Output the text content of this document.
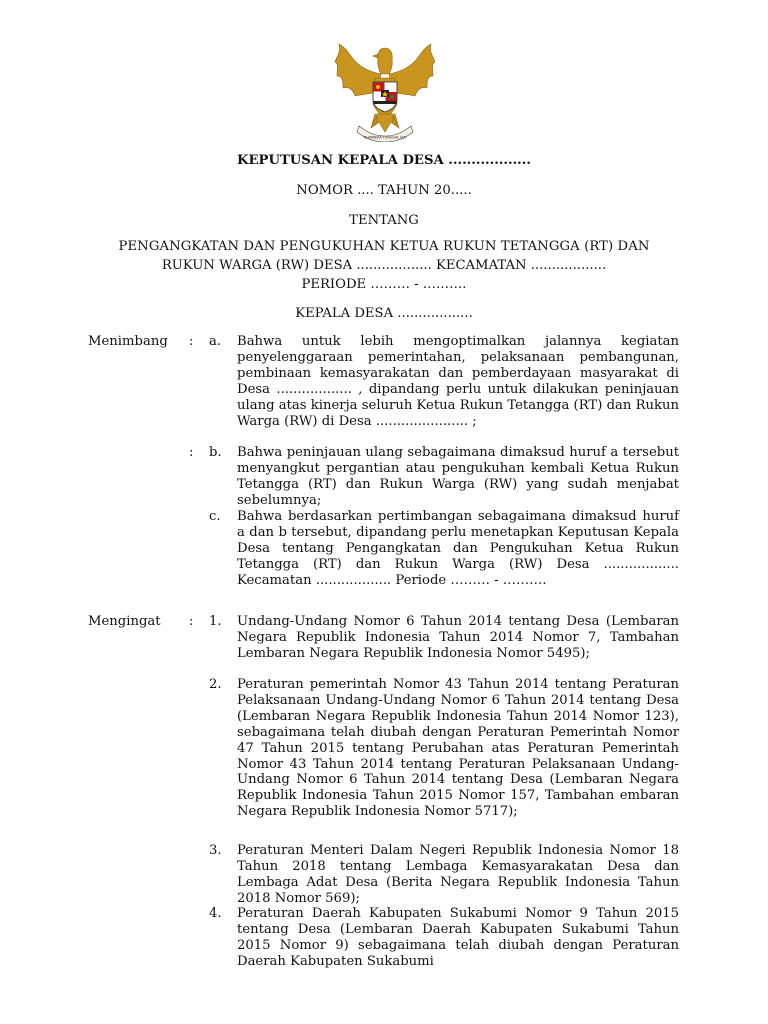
BHINNEKA TUNGGAL IKA
KEPUTUSAN KEPALA DESA ..................
NOMOR .... TAHUN 20.....
TENTANG
PENGANGKATAN DAN PENGUKUHAN KETUA RUKUN TETANGGA (RT) DAN
RUKUN WARGA (RW) DESA .................. KECAMATAN ..................
PERIODE ……… - ……….
KEPALA DESA ..................
Menimbang : a. Bahwa untuk lebih mengoptimalkan jalannya kegiatan penyelenggaraan pemerintahan, pelaksanaan pembangunan, pembinaan kemasyarakatan dan pemberdayaan masyarakat di Desa .................. , dipandang perlu untuk dilakukan peninjauan ulang atas kinerja seluruh Ketua Rukun Tetangga (RT) dan Rukun Warga (RW) di Desa ...................... ;
: b. Bahwa peninjauan ulang sebagaimana dimaksud huruf a tersebut menyangkut pergantian atau pengukuhan kembali Ketua Rukun Tetangga (RT) dan Rukun Warga (RW) yang sudah menjabat sebelumnya;
c. Bahwa berdasarkan pertimbangan sebagaimana dimaksud huruf a dan b tersebut, dipandang perlu menetapkan Keputusan Kepala Desa tentang Pengangkatan dan Pengukuhan Ketua Rukun Tetangga (RT) dan Rukun Warga (RW) Desa .................. Kecamatan .................. Periode ……… - ……….
Mengingat : 1. Undang-Undang Nomor 6 Tahun 2014 tentang Desa (Lembaran Negara Republik Indonesia Tahun 2014 Nomor 7, Tambahan Lembaran Negara Republik Indonesia Nomor 5495);
2. Peraturan pemerintah Nomor 43 Tahun 2014 tentang Peraturan Pelaksanaan Undang-Undang Nomor 6 Tahun 2014 tentang Desa (Lembaran Negara Republik Indonesia Tahun 2014 Nomor 123), sebagaimana telah diubah dengan Peraturan Pemerintah Nomor 47 Tahun 2015 tentang Perubahan atas Peraturan Pemerintah Nomor 43 Tahun 2014 tentang Peraturan Pelaksanaan Undang-Undang Nomor 6 Tahun 2014 tentang Desa (Lembaran Negara Republik Indonesia Tahun 2015 Nomor 157, Tambahan embaran Negara Republik Indonesia Nomor 5717);
3. Peraturan Menteri Dalam Negeri Republik Indonesia Nomor 18 Tahun 2018 tentang Lembaga Kemasyarakatan Desa dan Lembaga Adat Desa (Berita Negara Republik Indonesia Tahun 2018 Nomor 569);
4. Peraturan Daerah Kabupaten Sukabumi Nomor 9 Tahun 2015 tentang Desa (Lembaran Daerah Kabupaten Sukabumi Tahun 2015 Nomor 9) sebagaimana telah diubah dengan Peraturan Daerah Kabupaten Sukabumi
